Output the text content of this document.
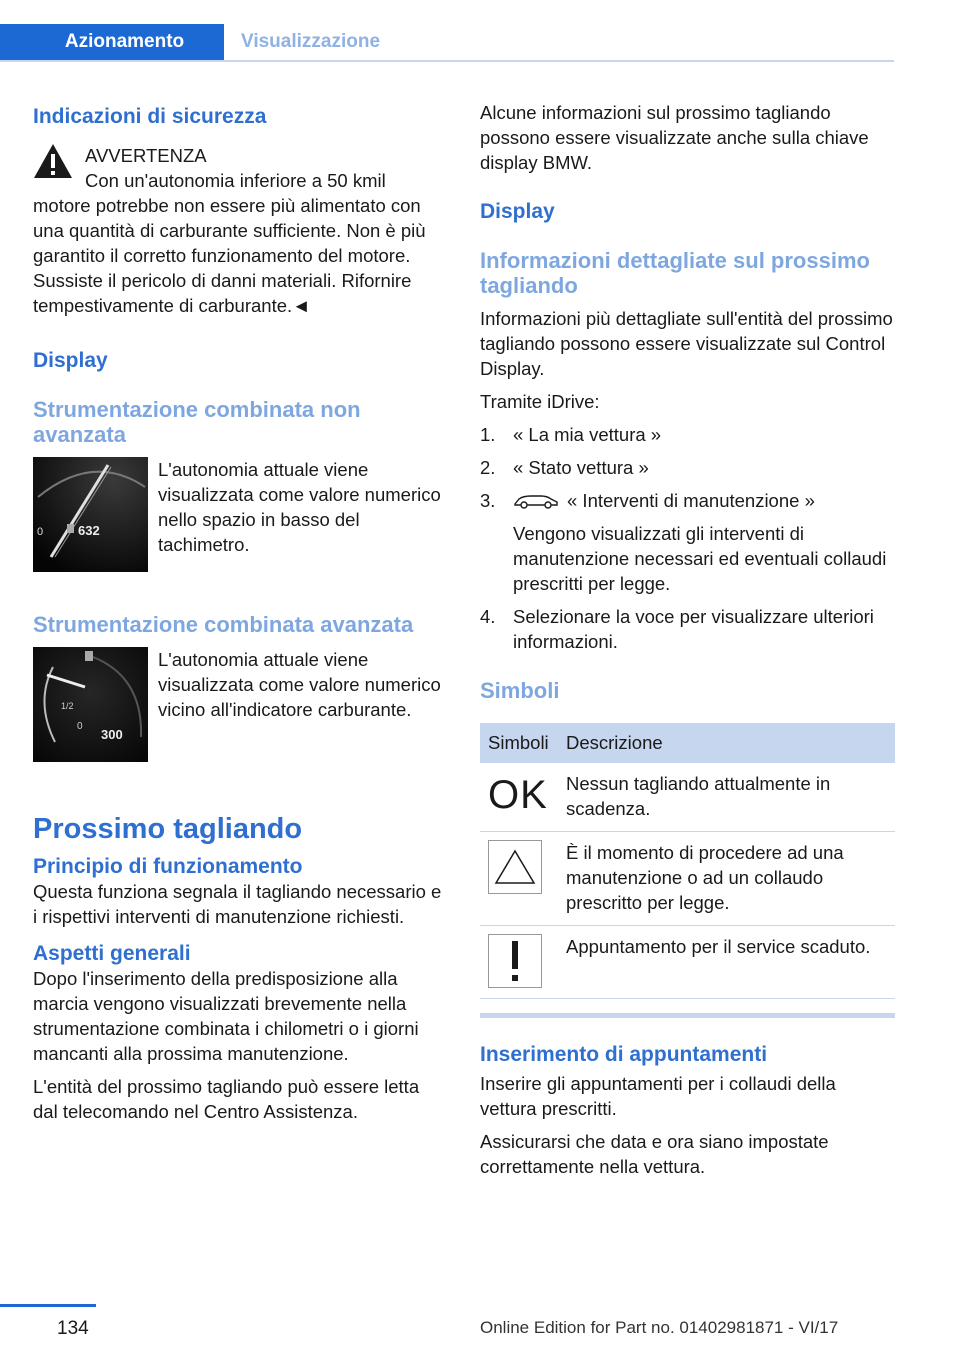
Azionamento	Visualizzazione
Indicazioni di sicurezza

AVVERTENZA

Con un'autonomia inferiore a 50 kmil motore potrebbe non essere più alimentato con una quantità di carburante sufficiente. Non è più garantito il corretto funzionamento del motore. Sussiste il pericolo di danni materiali. Rifornire tempestivamente di carburante.◄

Display
Strumentazione combinata non avanzata
0	632

L'autonomia attuale viene visualizzata come valore numerico nello spazio in basso del tachimetro.

Strumentazione combinata avanzata
1/2
0
300

L'autonomia attuale viene visualizzata come valore numerico vicino all'indicatore carburante.

Prossimo tagliando
Principio di funzionamento

Questa funziona segnala il tagliando necessario e i rispettivi interventi di manutenzione richiesti.

Aspetti generali

Dopo l'inserimento della predisposizione alla marcia vengono visualizzati brevemente nella strumentazione combinata i chilometri o i giorni mancanti alla prossima manutenzione.

L'entità del prossimo tagliando può essere letta dal telecomando nel Centro Assistenza.

Alcune informazioni sul prossimo tagliando possono essere visualizzate anche sulla chiave display BMW.

Display
Informazioni dettagliate sul prossimo tagliando

Informazioni più dettagliate sull'entità del prossimo tagliando possono essere visualizzate sul Control Display.

Tramite iDrive:

1. « La mia vettura »
2. « Stato vettura »
3.	« Interventi di manutenzione »

Vengono visualizzati gli interventi di manutenzione necessari ed eventuali collaudi prescritti per legge.

4. Selezionare la voce per visualizzare ulteriori informazioni.
Simboli
Simboli	Descrizione

OK	Nessun tagliando attualmente in scadenza.

	È il momento di procedere ad una manutenzione o ad un collaudo prescritto per legge.

	Appuntamento per il service scaduto.
Inserimento di appuntamenti

Inserire gli appuntamenti per i collaudi della vettura prescritti.

Assicurarsi che data e ora siano impostate correttamente nella vettura.

134	Online Edition for Part no. 01402981871 - VI/17
